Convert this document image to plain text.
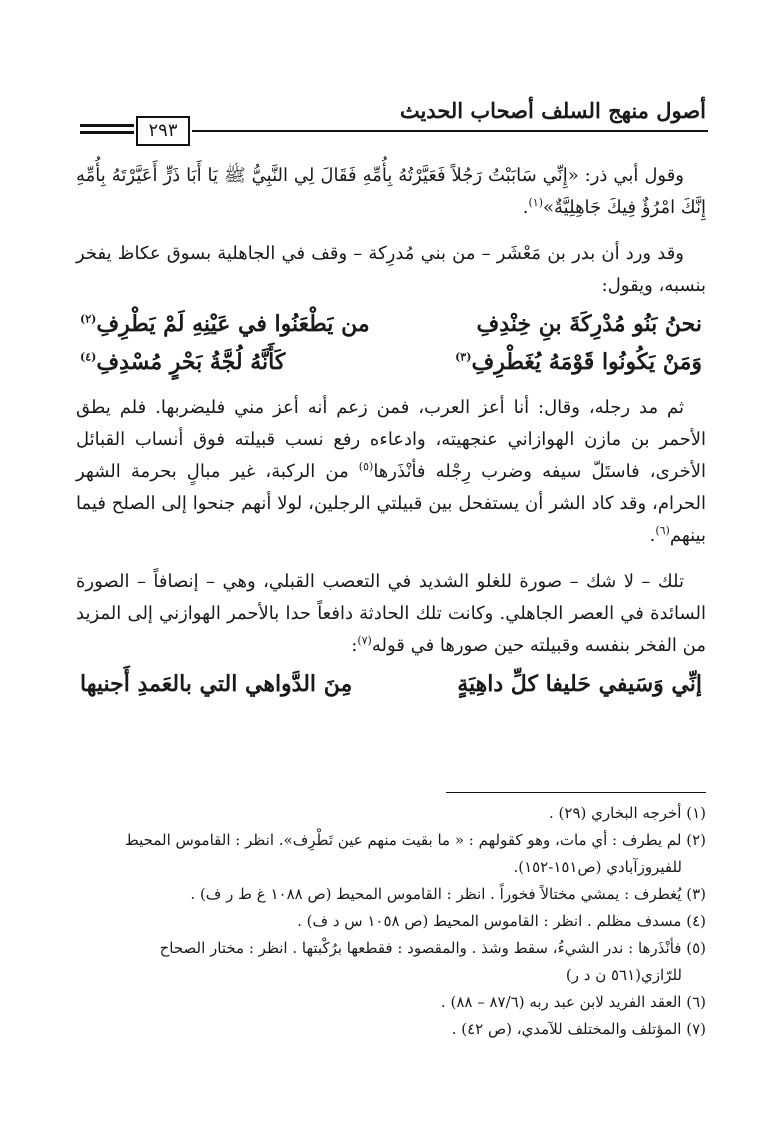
أصول منهج السلف أصحاب الحديث
٢٩٣

وقول أبي ذر: «إِنِّي سَابَبْتُ رَجُلاً فَعَيَّرْتُهُ بِأُمِّهِ فَقَالَ لِي النَّبِيُّ ﷺ يَا أَبَا ذَرٍّ أَعَيَّرْتَهُ بِأُمِّهِ إِنَّكَ امْرُؤٌ فِيكَ جَاهِلِيَّةٌ»$^{(١)}$.

وقد ورد أن بدر بن مَعْشَر – من بني مُدرِكة – وقف في الجاهلية بسوق عكاظ يفخر بنسبه، ويقول:

نحنُ بَنُو مُدْرِكَةَ بنِ خِنْدِفِ
من يَطْعَنُوا في عَيْنِهِ لَمْ يَطْرِفِ$^{(٢)}$
وَمَنْ يَكُونُوا قَوْمَهُ يُغَطْرِفِ$^{(٣)}$
كَأَنَّهُ لُجَّةُ بَحْرٍ مُسْدِفِ$^{(٤)}$

ثم مد رجله، وقال: أنا أعز العرب، فمن زعم أنه أعز مني فليضربها. فلم يطق الأحمر بن مازن الهوازاني عنجهيته، وادعاءه رفع نسب قبيلته فوق أنساب القبائل الأخرى، فاستَلّ سيفه وضرب رِجْله فأنْذَرها$^{(٥)}$ من الركبة، غير مبالٍ بحرمة الشهر الحرام، وقد كاد الشر أن يستفحل بين قبيلتي الرجلين، لولا أنهم جنحوا إلى الصلح فيما بينهم$^{(٦)}$.

تلك – لا شك – صورة للغلو الشديد في التعصب القبلي، وهي – إنصافاً – الصورة السائدة في العصر الجاهلي. وكانت تلك الحادثة دافعاً حدا بالأحمر الهوازني إلى المزيد من الفخر بنفسه وقبيلته حين صورها في قوله$^{(٧)}$:

إنِّي وَسَيفي حَليفا كلِّ داهِيَةٍ
مِنَ الدَّواهي التي بالعَمدِ أَجنيها
(١) أخرجه البخاري (٢٩) .
(٢) لم يطرف : أي مات، وهو كقولهم : « ما بقيت منهم عين تَطْرِف». انظر : القاموس المحيط
للفيروزآبادي (ص١٥١-١٥٢).
(٣) يُغطرف : يمشي مختالاً فخوراً . انظر : القاموس المحيط (ص ١٠٨٨ غ ط ر ف) .
(٤) مسدف مظلم . انظر : القاموس المحيط (ص ١٠٥٨ س د ف) .
(٥) فأنْذَرها : ندر الشيءُ، سقط وشذ . والمقصود : فقطعها برُكْبتها . انظر : مختار الصحاح
للرّازي(٥٦١ ن د ر)
(٦) العقد الفريد لابن عبد ربه (٨٧/٦ – ٨٨) .
(٧) المؤتلف والمختلف للآمدي، (ص ٤٢) .
